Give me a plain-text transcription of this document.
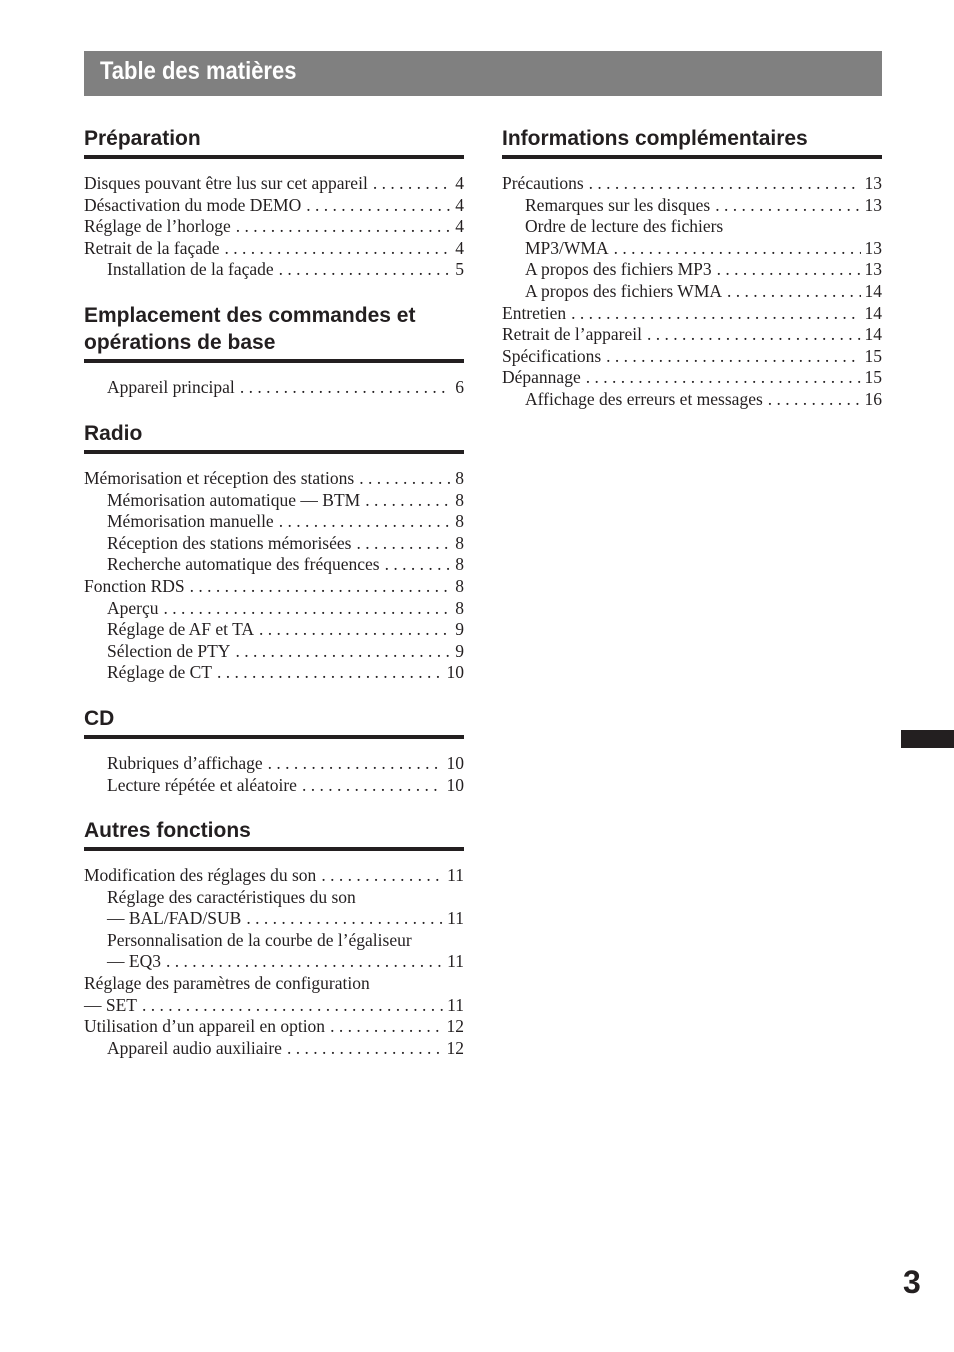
Table des matières
Préparation
Disques pouvant être lus sur cet appareil . . .	4
Désactivation du mode DEMO . . .	4
Réglage de l’horloge . . .	4
Retrait de la façade . . .	4
Installation de la façade . . .	5
Emplacement des commandes et
opérations de base
Appareil principal . . .	6
Radio
Mémorisation et réception des stations . . .	8
Mémorisation automatique — BTM . . .	8
Mémorisation manuelle . . .	8
Réception des stations mémorisées . . .	8
Recherche automatique des fréquences . . .	8
Fonction RDS . . .	8
Aperçu . . .	8
Réglage de AF et TA . . .	9
Sélection de PTY . . .	9
Réglage de CT . . .	10
CD
Rubriques d’affichage . . .	10
Lecture répétée et aléatoire . . .	10
Autres fonctions
Modification des réglages du son . . .	11
Réglage des caractéristiques du son
— BAL/FAD/SUB . . .	11
Personnalisation de la courbe de l’égaliseur
— EQ3 . . .	11
Réglage des paramètres de configuration
— SET . . .	11
Utilisation d’un appareil en option . . .	12
Appareil audio auxiliaire . . .	12
Informations complémentaires
Précautions . . .	13
Remarques sur les disques . . .	13
Ordre de lecture des fichiers
MP3/WMA . . .	13
A propos des fichiers MP3 . . .	13
A propos des fichiers WMA . . .	14
Entretien . . .	14
Retrait de l’appareil . . .	14
Spécifications . . .	15
Dépannage . . .	15
Affichage des erreurs et messages . . .	16
3
